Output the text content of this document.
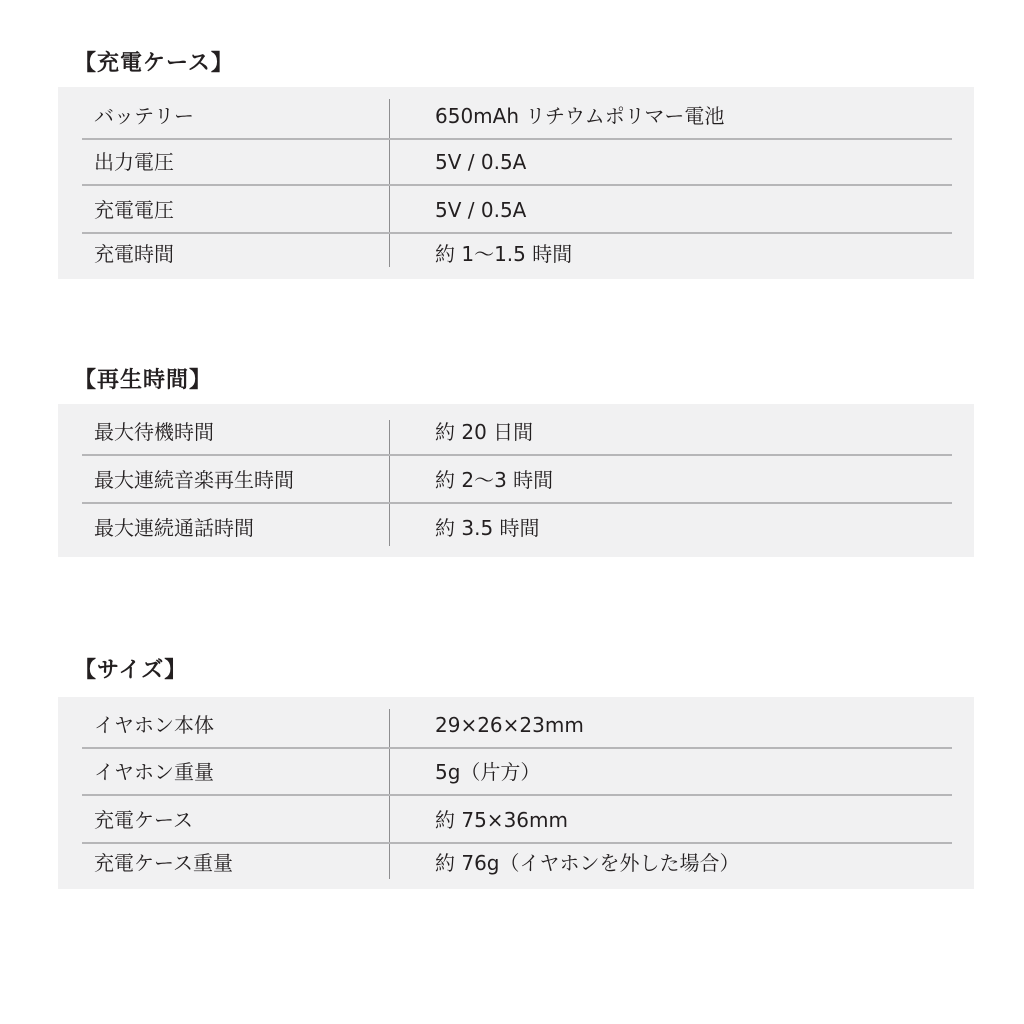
【充電ケース】
バッテリー	650mAh リチウムポリマー電池
出力電圧	5V / 0.5A
充電電圧	5V / 0.5A
充電時間	約 1〜1.5 時間
【再生時間】
最大待機時間	約 20 日間
最大連続音楽再生時間	約 2〜3 時間
最大連続通話時間	約 3.5 時間
【サイズ】
イヤホン本体	29×26×23mm
イヤホン重量	5g（片方）
充電ケース	約 75×36mm
充電ケース重量	約 76g（イヤホンを外した場合）
